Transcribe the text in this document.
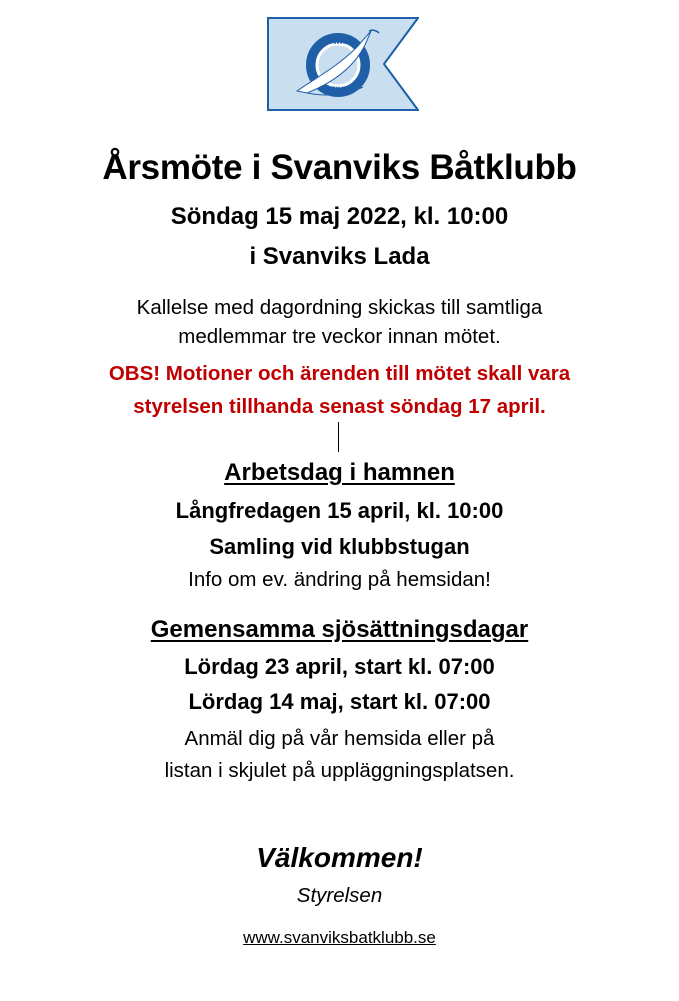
SVANVIKS
BÅTKLUBB
Årsmöte i Svanviks Båtklubb
Söndag 15 maj 2022, kl. 10:00
i Svanviks Lada
Kallelse med dagordning skickas till samtliga
medlemmar tre veckor innan mötet.
OBS! Motioner och ärenden till mötet skall vara
styrelsen tillhanda senast söndag 17 april.
Arbetsdag i hamnen
Långfredagen 15 april, kl. 10:00
Samling vid klubbstugan
Info om ev. ändring på hemsidan!
Gemensamma sjösättningsdagar
Lördag 23 april, start kl. 07:00
Lördag 14 maj, start kl. 07:00
Anmäl dig på vår hemsida eller på
listan i skjulet på uppläggningsplatsen.
Välkommen!
Styrelsen
www.svanviksbatklubb.se
